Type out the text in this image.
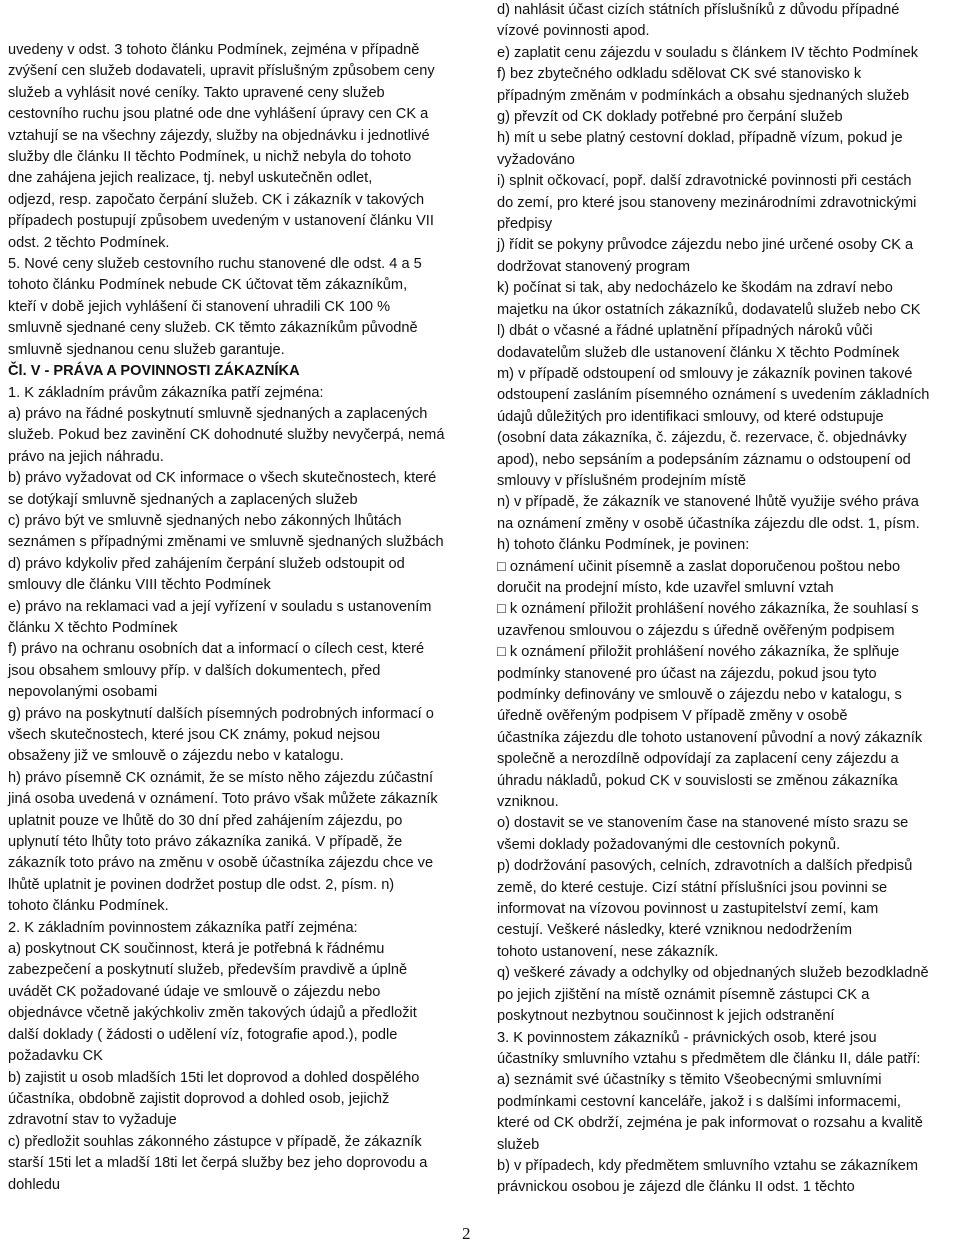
uvedeny v odst. 3 tohoto článku Podmínek, zejména v případně
zvýšení cen služeb dodavateli, upravit příslušným způsobem ceny
služeb a vyhlásit nové ceníky. Takto upravené ceny služeb
cestovního ruchu jsou platné ode dne vyhlášení úpravy cen CK a
vztahují se na všechny zájezdy, služby na objednávku i jednotlivé
služby dle článku II těchto Podmínek, u nichž nebyla do tohoto
dne zahájena jejich realizace, tj. nebyl uskutečněn odlet,
odjezd, resp. započato čerpání služeb. CK i zákazník v takových
případech postupují způsobem uvedeným v ustanovení článku VII
odst. 2 těchto Podmínek.
5. Nové ceny služeb cestovního ruchu stanovené dle odst. 4 a 5
tohoto článku Podmínek nebude CK účtovat těm zákazníkům,
kteří v době jejich vyhlášení či stanovení uhradili CK 100 %
smluvně sjednané ceny služeb. CK těmto zákazníkům původně
smluvně sjednanou cenu služeb garantuje.
Čl. V - PRÁVA A POVINNOSTI ZÁKAZNÍKA
1. K základním právům zákazníka patří zejména:
a) právo na řádné poskytnutí smluvně sjednaných a zaplacených
služeb. Pokud bez zavinění CK dohodnuté služby nevyčerpá, nemá
právo na jejich náhradu.
b) právo vyžadovat od CK informace o všech skutečnostech, které
se dotýkají smluvně sjednaných a zaplacených služeb
c) právo být ve smluvně sjednaných nebo zákonných lhůtách
seznámen s případnými změnami ve smluvně sjednaných službách
d) právo kdykoliv před zahájením čerpání služeb odstoupit od
smlouvy dle článku VIII těchto Podmínek
e) právo na reklamaci vad a její vyřízení v souladu s ustanovením
článku X těchto Podmínek
f) právo na ochranu osobních dat a informací o cílech cest, které
jsou obsahem smlouvy příp. v dalších dokumentech, před
nepovolanými osobami
g) právo na poskytnutí dalších písemných podrobných informací o
všech skutečnostech, které jsou CK známy, pokud nejsou
obsaženy již ve smlouvě o zájezdu nebo v katalogu.
h) právo písemně CK oznámit, že se místo něho zájezdu zúčastní
jiná osoba uvedená v oznámení. Toto právo však můžete zákazník
uplatnit pouze ve lhůtě do 30 dní před zahájením zájezdu, po
uplynutí této lhůty toto právo zákazníka zaniká. V případě, že
zákazník toto právo na změnu v osobě účastníka zájezdu chce ve
lhůtě uplatnit je povinen dodržet postup dle odst. 2, písm. n)
tohoto článku Podmínek.
2. K základním povinnostem zákazníka patří zejména:
a) poskytnout CK součinnost, která je potřebná k řádnému
zabezpečení a poskytnutí služeb, především pravdivě a úplně
uvádět CK požadované údaje ve smlouvě o zájezdu nebo
objednávce včetně jakýchkoliv změn takových údajů a předložit
další doklady ( žádosti o udělení víz, fotografie apod.), podle
požadavku CK
b) zajistit u osob mladších 15ti let doprovod a dohled dospělého
účastníka, obdobně zajistit doprovod a dohled osob, jejichž
zdravotní stav to vyžaduje
c) předložit souhlas zákonného zástupce v případě, že zákazník
starší 15ti let a mladší 18ti let čerpá služby bez jeho doprovodu a
dohledu
d) nahlásit účast cizích státních příslušníků z důvodu případné
vízové povinnosti apod.
e) zaplatit cenu zájezdu v souladu s článkem IV těchto Podmínek
f) bez zbytečného odkladu sdělovat CK své stanovisko k
případným změnám v podmínkách a obsahu sjednaných služeb
g) převzít od CK doklady potřebné pro čerpání služeb
h) mít u sebe platný cestovní doklad, případně vízum, pokud je
vyžadováno
i) splnit očkovací, popř. další zdravotnické povinnosti při cestách
do zemí, pro které jsou stanoveny mezinárodními zdravotnickými
předpisy
j) řídit se pokyny průvodce zájezdu nebo jiné určené osoby CK a
dodržovat stanovený program
k) počínat si tak, aby nedocházelo ke škodám na zdraví nebo
majetku na úkor ostatních zákazníků, dodavatelů služeb nebo CK
l) dbát o včasné a řádné uplatnění případných nároků vůči
dodavatelům služeb dle ustanovení článku X těchto Podmínek
m) v případě odstoupení od smlouvy je zákazník povinen takové
odstoupení zasláním písemného oznámení s uvedením základních
údajů důležitých pro identifikaci smlouvy, od které odstupuje
(osobní data zákazníka, č. zájezdu, č. rezervace, č. objednávky
apod), nebo sepsáním a podepsáním záznamu o odstoupení od
smlouvy v příslušném prodejním místě
n) v případě, že zákazník ve stanovené lhůtě využije svého práva
na oznámení změny v osobě účastníka zájezdu dle odst. 1, písm.
h) tohoto článku Podmínek, je povinen:
□ oznámení učinit písemně a zaslat doporučenou poštou nebo
doručit na prodejní místo, kde uzavřel smluvní vztah
□ k oznámení přiložit prohlášení nového zákazníka, že souhlasí s
uzavřenou smlouvou o zájezdu s úředně ověřeným podpisem
□ k oznámení přiložit prohlášení nového zákazníka, že splňuje
podmínky stanovené pro účast na zájezdu, pokud jsou tyto
podmínky definovány ve smlouvě o zájezdu nebo v katalogu, s
úředně ověřeným podpisem V případě změny v osobě
účastníka zájezdu dle tohoto ustanovení původní a nový zákazník
společně a nerozdílně odpovídají za zaplacení ceny zájezdu a
úhradu nákladů, pokud CK v souvislosti se změnou zákazníka
vzniknou.
o) dostavit se ve stanovením čase na stanovené místo srazu se
všemi doklady požadovanými dle cestovních pokynů.
p) dodržování pasových, celních, zdravotních a dalších předpisů
země, do které cestuje. Cizí státní příslušníci jsou povinni se
informovat na vízovou povinnost u zastupitelství zemí, kam
cestují. Veškeré následky, které vzniknou nedodržením
tohoto ustanovení, nese zákazník.
q) veškeré závady a odchylky od objednaných služeb bezodkladně
po jejich zjištění na místě oznámit písemně zástupci CK a
poskytnout nezbytnou součinnost k jejich odstranění
3. K povinnostem zákazníků - právnických osob, které jsou
účastníky smluvního vztahu s předmětem dle článku II, dále patří:
a) seznámit své účastníky s těmito Všeobecnými smluvními
podmínkami cestovní kanceláře, jakož i s dalšími informacemi,
které od CK obdrží, zejména je pak informovat o rozsahu a kvalitě
služeb
b) v případech, kdy předmětem smluvního vztahu se zákazníkem
právnickou osobou je zájezd dle článku II odst. 1 těchto
2
